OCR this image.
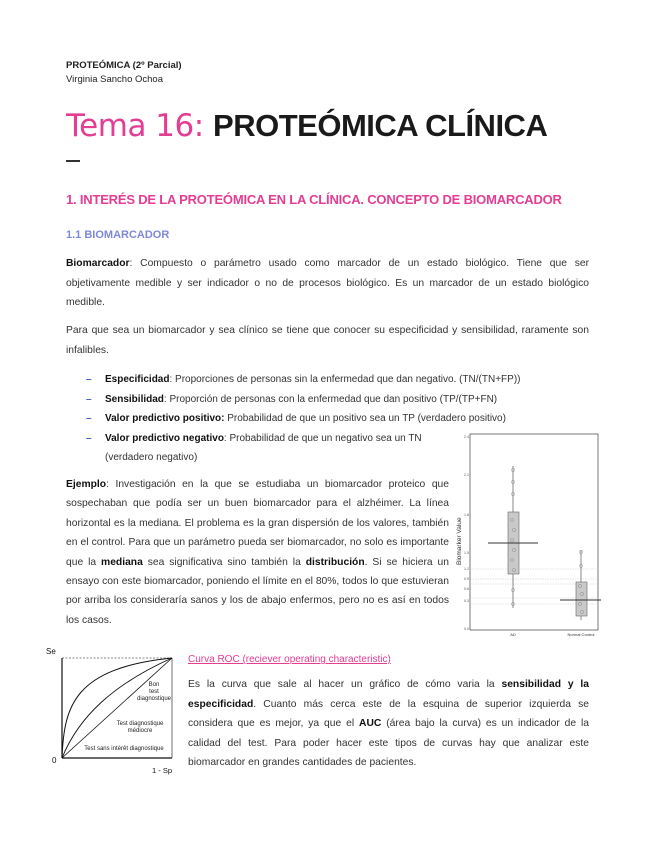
PROTEÓMICA (2º Parcial)
Virginia Sancho Ochoa
Tema 16: PROTEÓMICA CLÍNICA
1. INTERÉS DE LA PROTEÓMICA EN LA CLÍNICA. CONCEPTO DE BIOMARCADOR
1.1 BIOMARCADOR
Biomarcador: Compuesto o parámetro usado como marcador de un estado biológico. Tiene que ser objetivamente medible y ser indicador o no de procesos biológico. Es un marcador de un estado biológico medible.
Para que sea un biomarcador y sea clínico se tiene que conocer su especificidad y sensibilidad, raramente son infalibles.
– Especificidad: Proporciones de personas sin la enfermedad que dan negativo. (TN/(TN+FP))
– Sensibilidad: Proporción de personas con la enfermedad que dan positivo (TP/(TP+FN)
– Valor predictivo positivo: Probabilidad de que un positivo sea un TP (verdadero positivo)
– Valor predictivo negativo: Probabilidad de que un negativo sea un TN (verdadero negativo)
Ejemplo: Investigación en la que se estudiaba un biomarcador proteico que sospechaban que podía ser un buen biomarcador para el alzhéimer. La línea horizontal es la mediana. El problema es la gran dispersión de los valores, también en el control. Para que un parámetro pueda ser biomarcador, no solo es importante que la mediana sea significativa sino también la distribución. Si se hiciera un ensayo con este biomarcador, poniendo el límite en el 80%, todos lo que estuvieran por arriba los consideraría sanos y los de abajo enfermos, pero no es así en todos los casos.
Biomarker Value
2.4
2.1
1.8
1.5
1.2
0.9
0.6
0.3
0.0
AD	Normal Control
Se
0
1 - Sp
Bon
test
diagnostique
Test diagnostique
médiocre
Test sans intérêt diagnostique
Curva ROC (reciever operating characteristic)
Es la curva que sale al hacer un gráfico de cómo varia la sensibilidad y la especificidad. Cuanto más cerca este de la esquina de superior izquierda se considera que es mejor, ya que el AUC (área bajo la curva) es un indicador de la calidad del test. Para poder hacer este tipos de curvas hay que analizar este biomarcador en grandes cantidades de pacientes.
